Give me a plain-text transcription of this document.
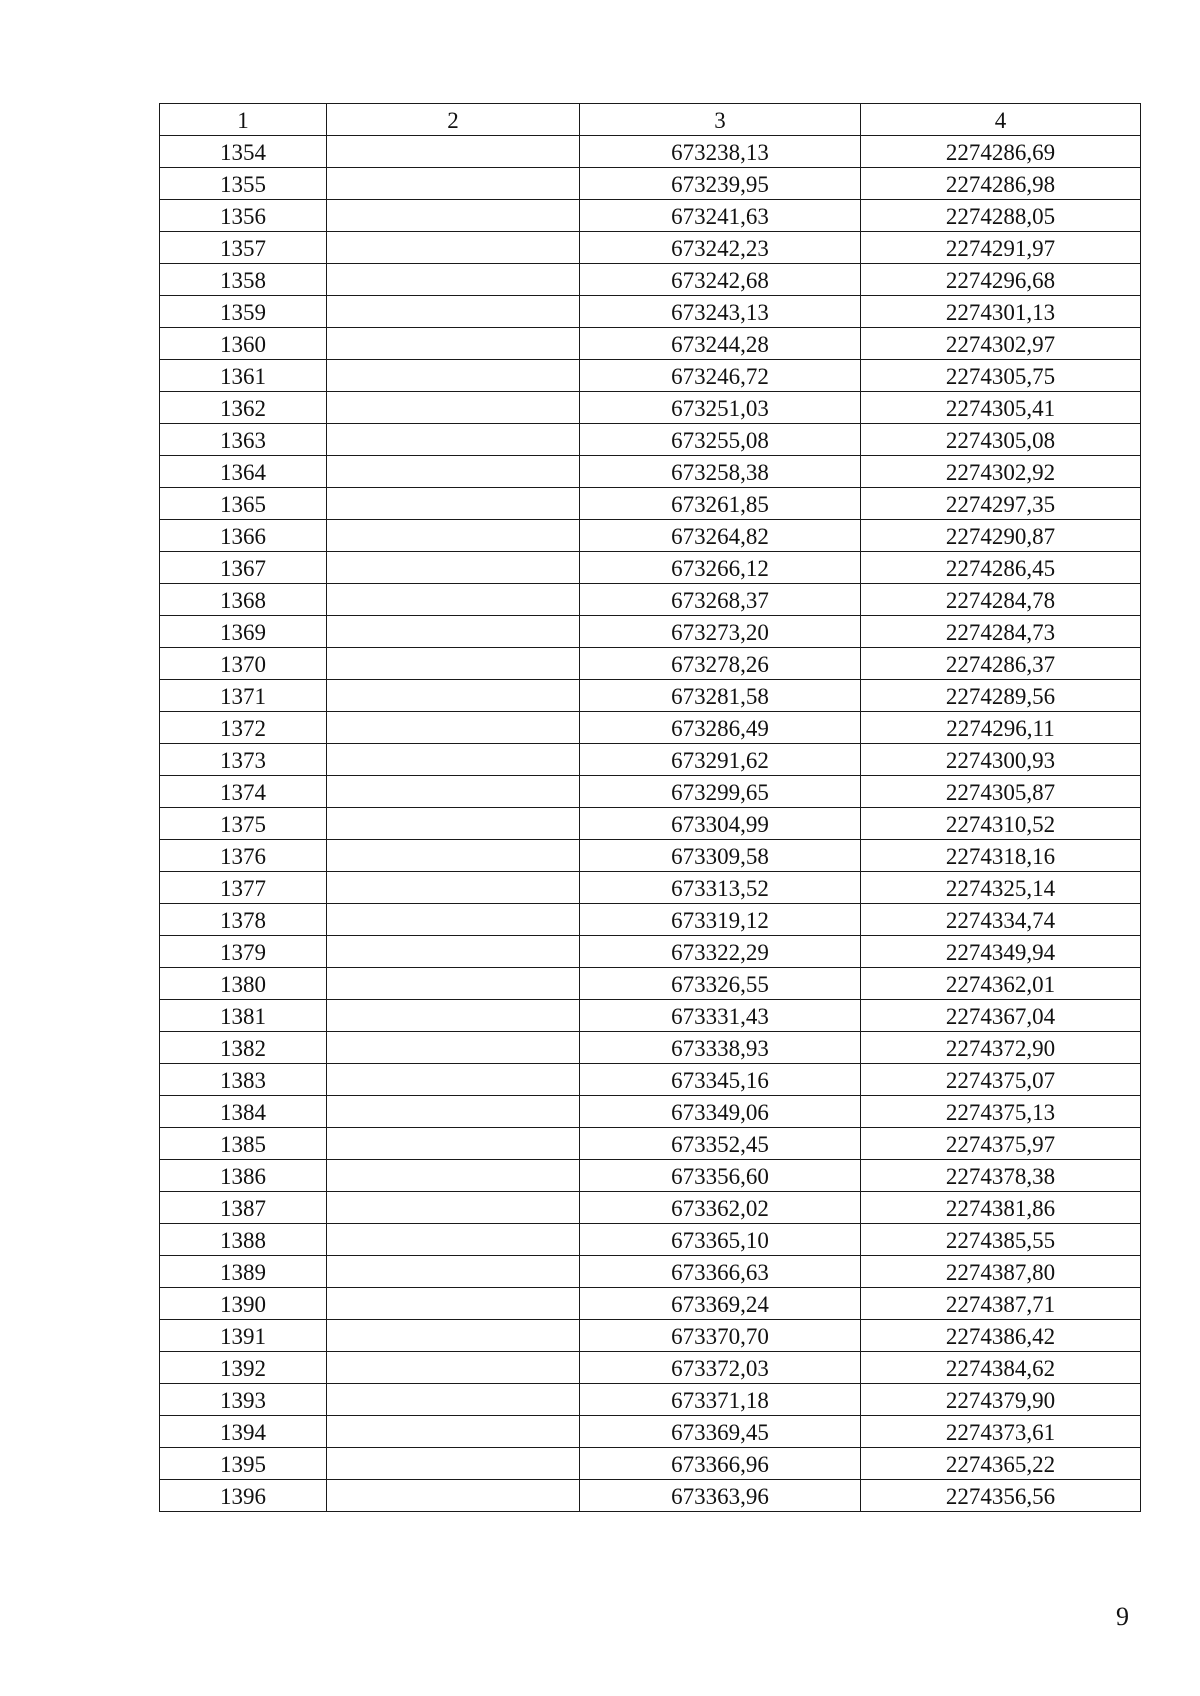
1	2	3	4
1354		673238,13	2274286,69
1355		673239,95	2274286,98
1356		673241,63	2274288,05
1357		673242,23	2274291,97
1358		673242,68	2274296,68
1359		673243,13	2274301,13
1360		673244,28	2274302,97
1361		673246,72	2274305,75
1362		673251,03	2274305,41
1363		673255,08	2274305,08
1364		673258,38	2274302,92
1365		673261,85	2274297,35
1366		673264,82	2274290,87
1367		673266,12	2274286,45
1368		673268,37	2274284,78
1369		673273,20	2274284,73
1370		673278,26	2274286,37
1371		673281,58	2274289,56
1372		673286,49	2274296,11
1373		673291,62	2274300,93
1374		673299,65	2274305,87
1375		673304,99	2274310,52
1376		673309,58	2274318,16
1377		673313,52	2274325,14
1378		673319,12	2274334,74
1379		673322,29	2274349,94
1380		673326,55	2274362,01
1381		673331,43	2274367,04
1382		673338,93	2274372,90
1383		673345,16	2274375,07
1384		673349,06	2274375,13
1385		673352,45	2274375,97
1386		673356,60	2274378,38
1387		673362,02	2274381,86
1388		673365,10	2274385,55
1389		673366,63	2274387,80
1390		673369,24	2274387,71
1391		673370,70	2274386,42
1392		673372,03	2274384,62
1393		673371,18	2274379,90
1394		673369,45	2274373,61
1395		673366,96	2274365,22
1396		673363,96	2274356,56
9
